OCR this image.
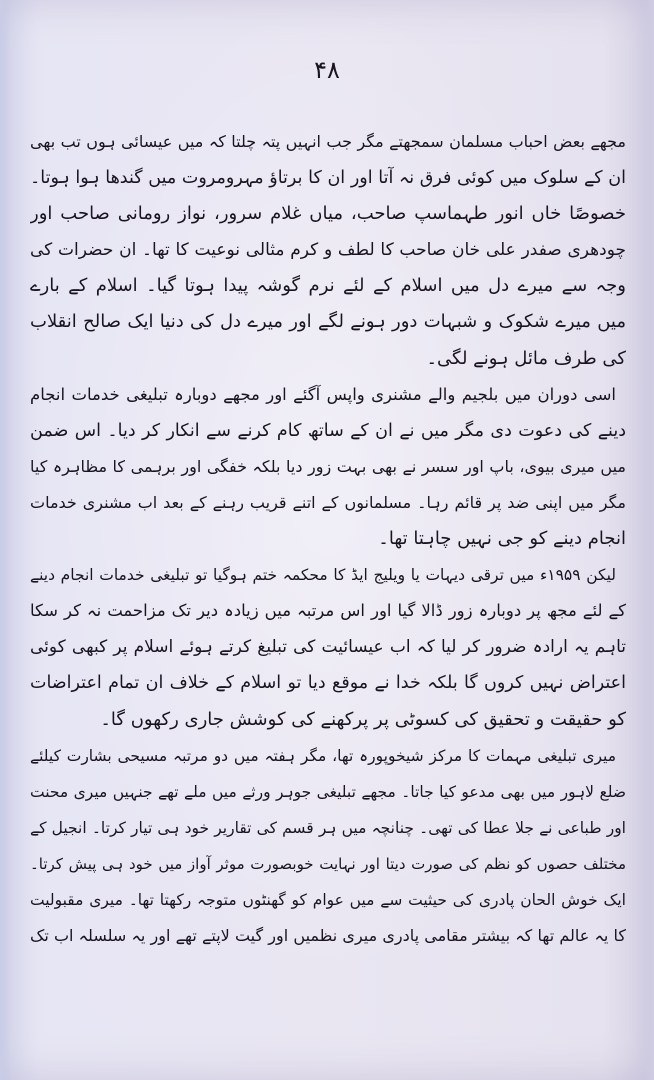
۴۸
مجھے بعض احباب مسلمان سمجھتے مگر جب انہیں پتہ چلتا کہ میں عیسائی ہوں تب بھی
ان کے سلوک میں کوئی فرق نہ آتا اور ان کا برتاؤ مہرومروت میں گندھا ہوا ہوتا۔
خصوصًا خاں انور طہماسپ صاحب، میاں غلام سرور، نواز رومانی صاحب اور
چودھری صفدر علی خان صاحب کا لطف و کرم مثالی نوعیت کا تھا۔ ان حضرات کی
وجہ سے میرے دل میں اسلام کے لئے نرم گوشہ پیدا ہوتا گیا۔ اسلام کے بارے
میں میرے شکوک و شبہات دور ہونے لگے اور میرے دل کی دنیا ایک صالح انقلاب
کی طرف مائل ہونے لگی۔
اسی دوران میں بلجیم والے مشنری واپس آگئے اور مجھے دوبارہ تبلیغی خدمات انجام
دینے کی دعوت دی مگر میں نے ان کے ساتھ کام کرنے سے انکار کر دیا۔ اس ضمن
میں میری بیوی، باپ اور سسر نے بھی بہت زور دیا بلکہ خفگی اور برہمی کا مظاہرہ کیا
مگر میں اپنی ضد پر قائم رہا۔ مسلمانوں کے اتنے قریب رہنے کے بعد اب مشنری خدمات
انجام دینے کو جی نہیں چاہتا تھا۔
لیکن ۱۹۵۹ء میں ترقی دیہات یا ویلیج ایڈ کا محکمہ ختم ہوگیا تو تبلیغی خدمات انجام دینے
کے لئے مجھ پر دوبارہ زور ڈالا گیا اور اس مرتبہ میں زیادہ دیر تک مزاحمت نہ کر سکا
تاہم یہ ارادہ ضرور کر لیا کہ اب عیسائیت کی تبلیغ کرتے ہوئے اسلام پر کبھی کوئی
اعتراض نہیں کروں گا بلکہ خدا نے موقع دیا تو اسلام کے خلاف ان تمام اعتراضات
کو حقیقت و تحقیق کی کسوٹی پر پرکھنے کی کوشش جاری رکھوں گا۔
میری تبلیغی مہمات کا مرکز شیخوپورہ تھا، مگر ہفتہ میں دو مرتبہ مسیحی بشارت کیلئے
ضلع لاہور میں بھی مدعو کیا جاتا۔ مجھے تبلیغی جوہر ورثے میں ملے تھے جنہیں میری محنت
اور طباعی نے جلا عطا کی تھی۔ چنانچہ میں ہر قسم کی تقاریر خود ہی تیار کرتا۔ انجیل کے
مختلف حصوں کو نظم کی صورت دیتا اور نہایت خوبصورت موثر آواز میں خود ہی پیش کرتا۔
ایک خوش الحان پادری کی حیثیت سے میں عوام کو گھنٹوں متوجہ رکھتا تھا۔ میری مقبولیت
کا یہ عالم تھا کہ بیشتر مقامی پادری میری نظمیں اور گیت لاپتے تھے اور یہ سلسلہ اب تک
